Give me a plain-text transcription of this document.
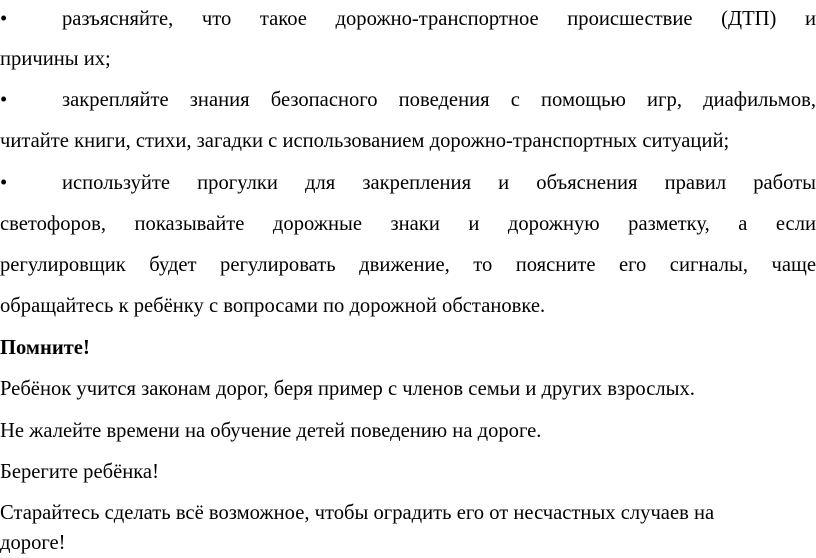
•	разъясняйте, что такое дорожно-транспортное происшествие (ДТП) и
причины их;
•	закрепляйте знания безопасного поведения с помощью игр, диафильмов,
читайте книги, стихи, загадки с использованием дорожно-транспортных ситуаций;
•	используйте прогулки для закрепления и объяснения правил работы
светофоров, показывайте дорожные знаки и дорожную разметку, а если
регулировщик будет регулировать движение, то поясните его сигналы, чаще
обращайтесь к ребёнку с вопросами по дорожной обстановке.
Помните!
Ребёнок учится законам дорог, беря пример с членов семьи и других взрослых.
Не жалейте времени на обучение детей поведению на дороге.
Берегите ребёнка!
Старайтесь сделать всё возможное, чтобы оградить его от несчастных случаев на
дороге!
